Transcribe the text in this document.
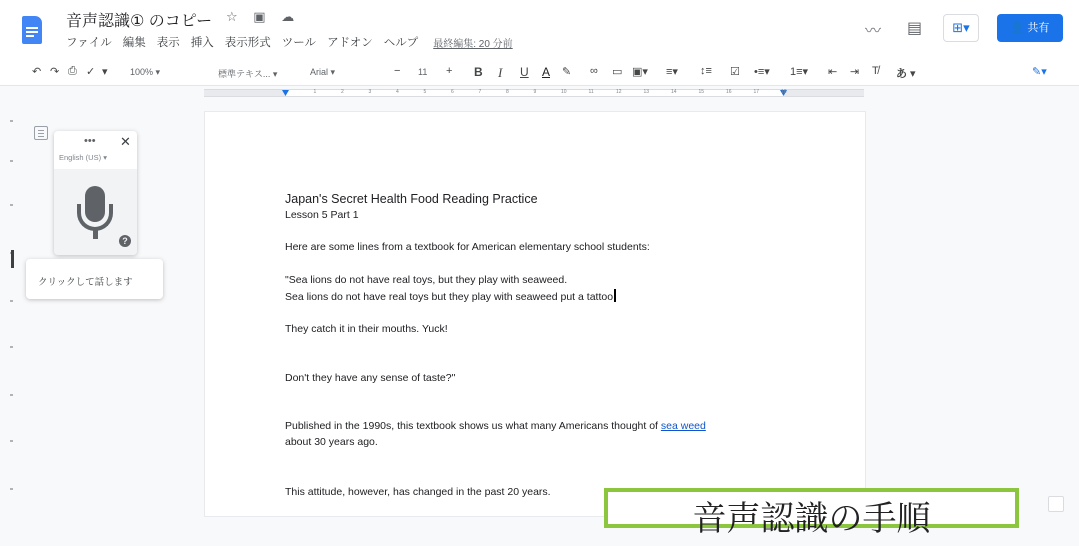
音声認識① のコピー ☆ ▣ ☁
ファイル 編集 表示 挿入 表示形式 ツール アドオン ヘルプ 最終編集: 20 分前
〰 ▤	⊞▾	👤 共有
↶ ↷ ⎙ ✓ ▾ 100% ▾	標準テキス... ▾	Arial ▾	− 11 + B I U A ✎ ∞ ▭ ▣▾ ≡▾ ↕≡ ☑ •≡▾ 1≡▾ ⇤ ⇥ T̸ あ ▾	✎▾
1	2	3	4	5	6	7	8	9	10	11	12	13	14	15	16	17	18
••• ✕
English (US) ▾
?
クリックして話します
Japan's Secret Health Food Reading Practice
Lesson 5 Part 1
Here are some lines from a textbook for American elementary school students:
"Sea lions do not have real toys, but they play with seaweed.
Sea lions do not have real toys but they play with seaweed put a tattoo
They catch it in their mouths. Yuck!
Don't they have any sense of taste?"
Published in the 1990s, this textbook shows us what many Americans thought of sea weed
about 30 years ago.
This attitude, however, has changed in the past 20 years.
音声認識の手順
